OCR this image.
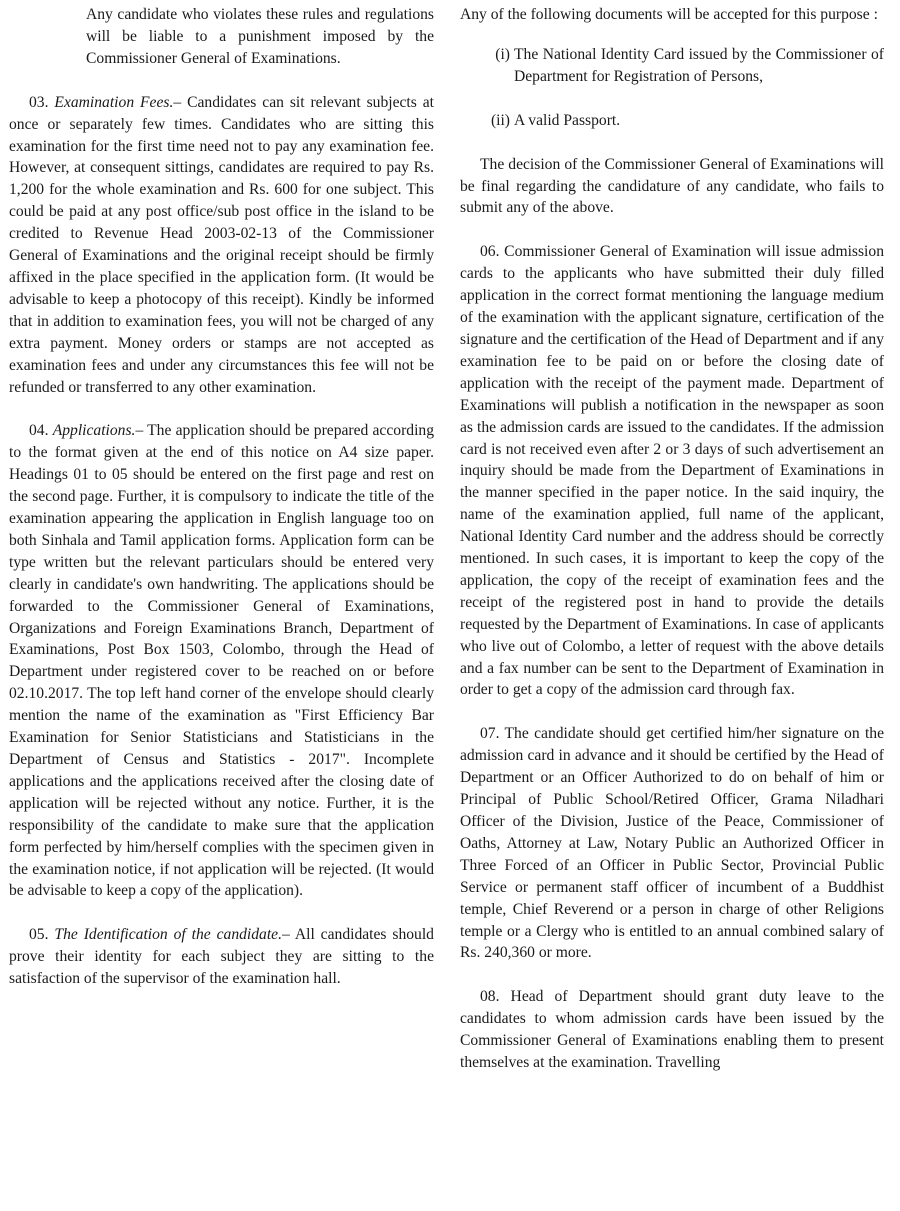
Any candidate who violates these rules and regulations will be liable to a punishment imposed by the Commissioner General of Examinations.

03. Examination Fees.– Candidates can sit relevant subjects at once or separately few times. Candidates who are sitting this examination for the first time need not to pay any examination fee. However, at consequent sittings, candidates are required to pay Rs. 1,200 for the whole examination and Rs. 600 for one subject. This could be paid at any post office/sub post office in the island to be credited to Revenue Head 2003-02-13 of the Commissioner General of Examinations and the original receipt should be firmly affixed in the place specified in the application form. (It would be advisable to keep a photocopy of this receipt). Kindly be informed that in addition to examination fees, you will not be charged of any extra payment. Money orders or stamps are not accepted as examination fees and under any circumstances this fee will not be refunded or transferred to any other examination.

04. Applications.– The application should be prepared according to the format given at the end of this notice on A4 size paper. Headings 01 to 05 should be entered on the first page and rest on the second page. Further, it is compulsory to indicate the title of the examination appearing the application in English language too on both Sinhala and Tamil application forms. Application form can be type written but the relevant particulars should be entered very clearly in candidate's own handwriting. The applications should be forwarded to the Commissioner General of Examinations, Organizations and Foreign Examinations Branch, Department of Examinations, Post Box 1503, Colombo, through the Head of Department under registered cover to be reached on or before 02.10.2017. The top left hand corner of the envelope should clearly mention the name of the examination as "First Efficiency Bar Examination for Senior Statisticians and Statisticians in the Department of Census and Statistics - 2017". Incomplete applications and the applications received after the closing date of application will be rejected without any notice. Further, it is the responsibility of the candidate to make sure that the application form perfected by him/herself complies with the specimen given in the examination notice, if not application will be rejected. (It would be advisable to keep a copy of the application).

05. The Identification of the candidate.– All candidates should prove their identity for each subject they are sitting to the satisfaction of the supervisor of the examination hall.

Any of the following documents will be accepted for this purpose :

(i) The National Identity Card issued by the Commissioner of Department for Registration of Persons,
(ii) A valid Passport.

The decision of the Commissioner General of Examinations will be final regarding the candidature of any candidate, who fails to submit any of the above.

06. Commissioner General of Examination will issue admission cards to the applicants who have submitted their duly filled application in the correct format mentioning the language medium of the examination with the applicant signature, certification of the signature and the certification of the Head of Department and if any examination fee to be paid on or before the closing date of application with the receipt of the payment made. Department of Examinations will publish a notification in the newspaper as soon as the admission cards are issued to the candidates. If the admission card is not received even after 2 or 3 days of such advertisement an inquiry should be made from the Department of Examinations in the manner specified in the paper notice. In the said inquiry, the name of the examination applied, full name of the applicant, National Identity Card number and the address should be correctly mentioned. In such cases, it is important to keep the copy of the application, the copy of the receipt of examination fees and the receipt of the registered post in hand to provide the details requested by the Department of Examinations. In case of applicants who live out of Colombo, a letter of request with the above details and a fax number can be sent to the Department of Examination in order to get a copy of the admission card through fax.

07. The candidate should get certified him/her signature on the admission card in advance and it should be certified by the Head of Department or an Officer Authorized to do on behalf of him or Principal of Public School/Retired Officer, Grama Niladhari Officer of the Division, Justice of the Peace, Commissioner of Oaths, Attorney at Law, Notary Public an Authorized Officer in Three Forced of an Officer in Public Sector, Provincial Public Service or permanent staff officer of incumbent of a Buddhist temple, Chief Reverend or a person in charge of other Religions temple or a Clergy who is entitled to an annual combined salary of Rs. 240,360 or more.

08. Head of Department should grant duty leave to the candidates to whom admission cards have been issued by the Commissioner General of Examinations enabling them to present themselves at the examination. Travelling
